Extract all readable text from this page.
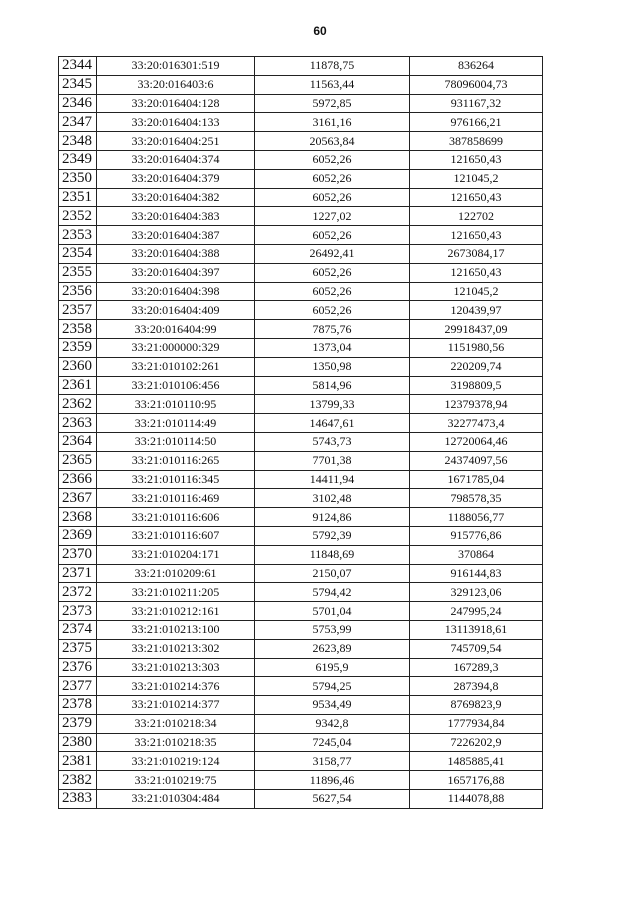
60
2344	33:20:016301:519	11878,75	836264
2345	33:20:016403:6	11563,44	78096004,73
2346	33:20:016404:128	5972,85	931167,32
2347	33:20:016404:133	3161,16	976166,21
2348	33:20:016404:251	20563,84	387858699
2349	33:20:016404:374	6052,26	121650,43
2350	33:20:016404:379	6052,26	121045,2
2351	33:20:016404:382	6052,26	121650,43
2352	33:20:016404:383	1227,02	122702
2353	33:20:016404:387	6052,26	121650,43
2354	33:20:016404:388	26492,41	2673084,17
2355	33:20:016404:397	6052,26	121650,43
2356	33:20:016404:398	6052,26	121045,2
2357	33:20:016404:409	6052,26	120439,97
2358	33:20:016404:99	7875,76	29918437,09
2359	33:21:000000:329	1373,04	1151980,56
2360	33:21:010102:261	1350,98	220209,74
2361	33:21:010106:456	5814,96	3198809,5
2362	33:21:010110:95	13799,33	12379378,94
2363	33:21:010114:49	14647,61	32277473,4
2364	33:21:010114:50	5743,73	12720064,46
2365	33:21:010116:265	7701,38	24374097,56
2366	33:21:010116:345	14411,94	1671785,04
2367	33:21:010116:469	3102,48	798578,35
2368	33:21:010116:606	9124,86	1188056,77
2369	33:21:010116:607	5792,39	915776,86
2370	33:21:010204:171	11848,69	370864
2371	33:21:010209:61	2150,07	916144,83
2372	33:21:010211:205	5794,42	329123,06
2373	33:21:010212:161	5701,04	247995,24
2374	33:21:010213:100	5753,99	13113918,61
2375	33:21:010213:302	2623,89	745709,54
2376	33:21:010213:303	6195,9	167289,3
2377	33:21:010214:376	5794,25	287394,8
2378	33:21:010214:377	9534,49	8769823,9
2379	33:21:010218:34	9342,8	1777934,84
2380	33:21:010218:35	7245,04	7226202,9
2381	33:21:010219:124	3158,77	1485885,41
2382	33:21:010219:75	11896,46	1657176,88
2383	33:21:010304:484	5627,54	1144078,88
